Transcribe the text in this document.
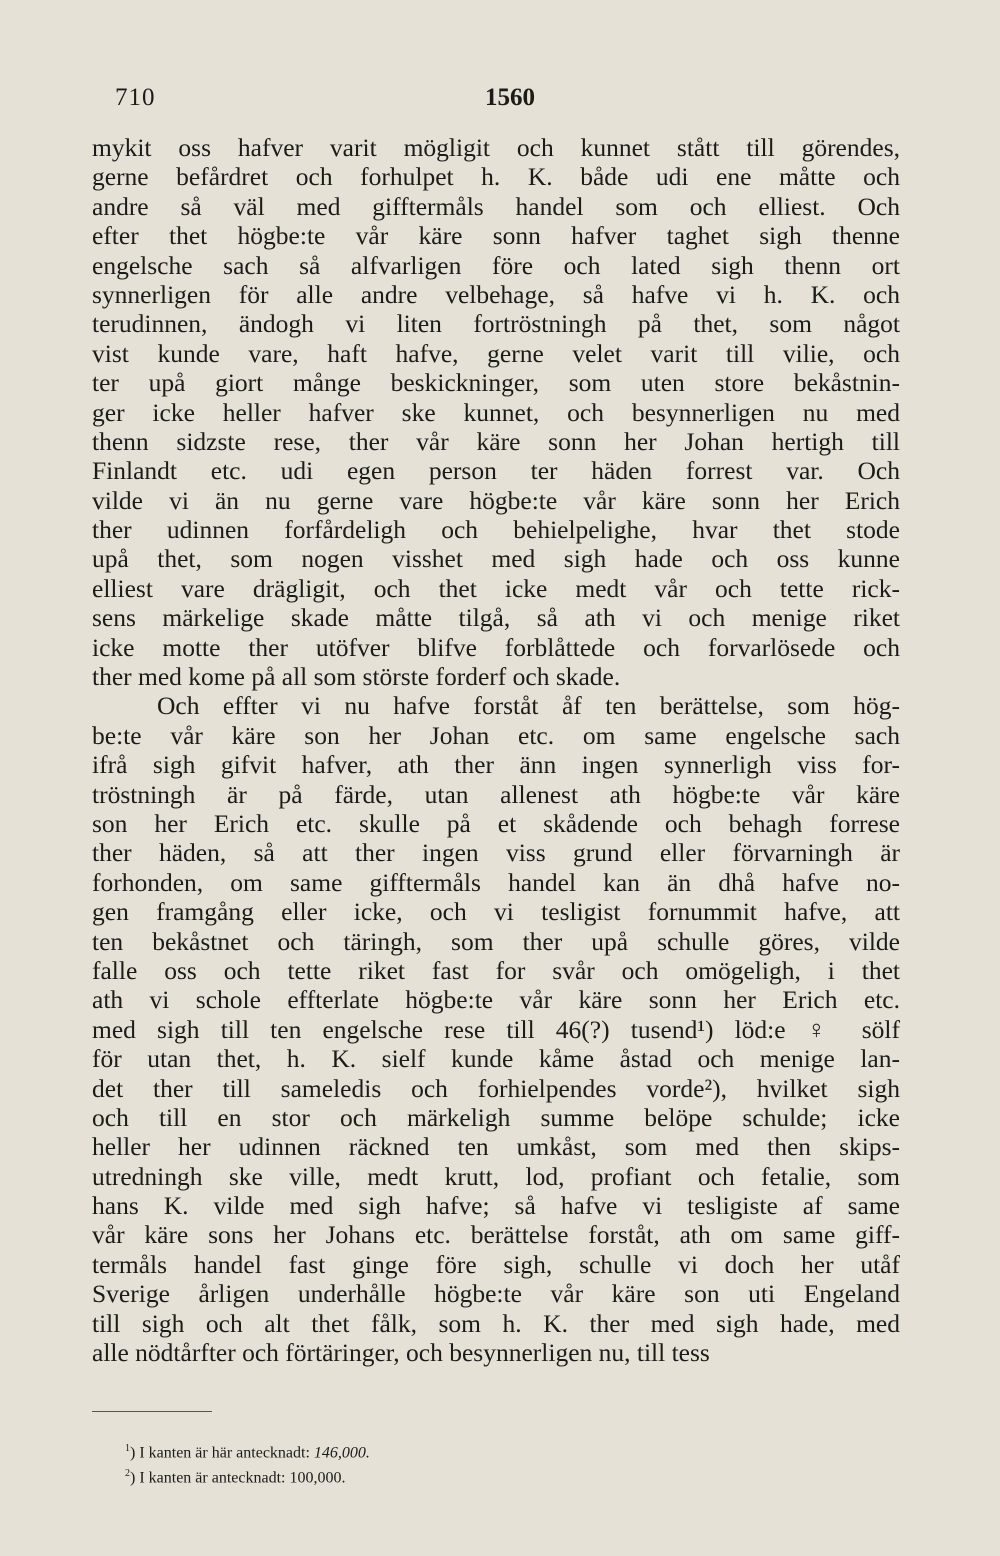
710	1560
mykit oss hafver varit mögligit och kunnet stått till görendes,
gerne befårdret och forhulpet h. K. både udi ene måtte och
andre så väl med gifftermåls handel som och elliest. Och
efter thet högbe:te vår käre sonn hafver taghet sigh thenne
engelsche sach så alfvarligen före och lated sigh thenn ort
synnerligen för alle andre velbehage, så hafve vi h. K. och
terudinnen, ändogh vi liten fortröstningh på thet, som något
vist kunde vare, haft hafve, gerne velet varit till vilie, och
ter upå giort månge beskickninger, som uten store bekåstnin-
ger icke heller hafver ske kunnet, och besynnerligen nu med
thenn sidzste rese, ther vår käre sonn her Johan hertigh till
Finlandt etc. udi egen person ter häden forrest var. Och
vilde vi än nu gerne vare högbe:te vår käre sonn her Erich
ther udinnen forfårdeligh och behielpelighe, hvar thet stode
upå thet, som nogen visshet med sigh hade och oss kunne
elliest vare drägligit, och thet icke medt vår och tette rick-
sens märkelige skade måtte tilgå, så ath vi och menige riket
icke motte ther utöfver blifve forblåttede och forvarlösede och
ther med kome på all som störste forderf och skade.
Och effter vi nu hafve forståt åf ten berättelse, som hög-
be:te vår käre son her Johan etc. om same engelsche sach
ifrå sigh gifvit hafver, ath ther änn ingen synnerligh viss for-
tröstningh är på färde, utan allenest ath högbe:te vår käre
son her Erich etc. skulle på et skådende och behagh forrese
ther häden, så att ther ingen viss grund eller förvarningh är
forhonden, om same gifftermåls handel kan än dhå hafve no-
gen framgång eller icke, och vi tesligist fornummit hafve, att
ten bekåstnet och täringh, som ther upå schulle göres, vilde
falle oss och tette riket fast for svår och omögeligh, i thet
ath vi schole effterlate högbe:te vår käre sonn her Erich etc.
med sigh till ten engelsche rese till 46(?) tusend¹) löd:e ♀ sölf
för utan thet, h. K. sielf kunde kåme åstad och menige lan-
det ther till sameledis och forhielpendes vorde²), hvilket sigh
och till en stor och märkeligh summe belöpe schulde; icke
heller her udinnen räckned ten umkåst, som med then skips-
utredningh ske ville, medt krutt, lod, profiant och fetalie, som
hans K. vilde med sigh hafve; så hafve vi tesligiste af same
vår käre sons her Johans etc. berättelse forståt, ath om same giff-
termåls handel fast ginge före sigh, schulle vi doch her utåf
Sverige årligen underhålle högbe:te vår käre son uti Engeland
till sigh och alt thet fålk, som h. K. ther med sigh hade, med
alle nödtårfter och förtäringer, och besynnerligen nu, till tess
$^1$) I kanten är här antecknadt: 146,000.
$^2$) I kanten är antecknadt: 100,000.
